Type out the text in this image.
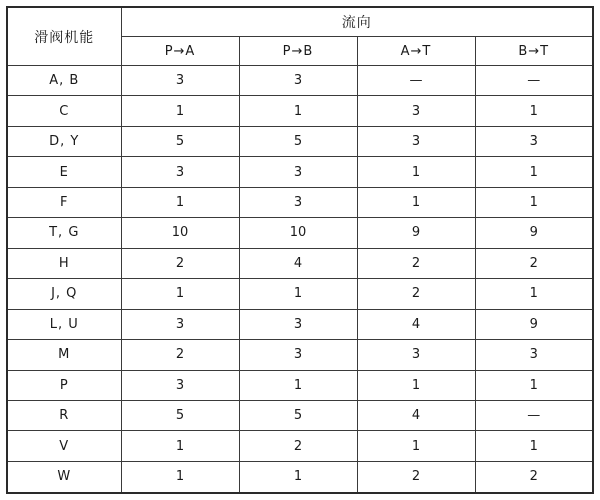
滑阀机能	流向			
	P→A	P→B	A→T	B→T
A, B	3	3	—	—
C	1	1	3	1
D, Y	5	5	3	3
E	3	3	1	1
F	1	3	1	1
T, G	10	10	9	9
H	2	4	2	2
J, Q	1	1	2	1
L, U	3	3	4	9
M	2	3	3	3
P	3	1	1	1
R	5	5	4	—
V	1	2	1	1
W	1	1	2	2
